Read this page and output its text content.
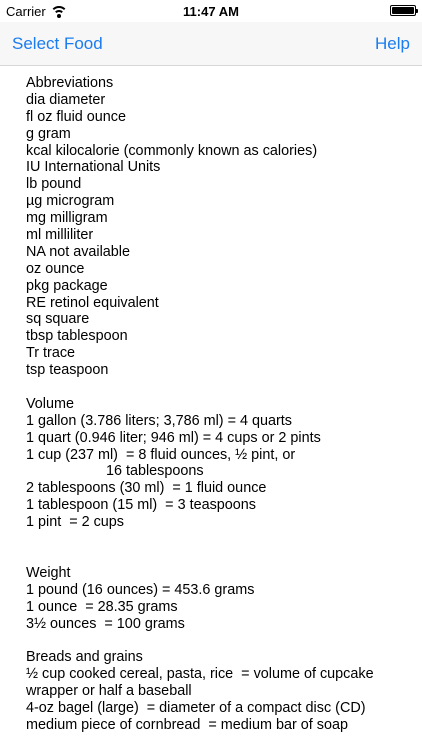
Carrier	11:47 AM
Select Food	Help
Abbreviations
dia diameter
fl oz fluid ounce
g gram
kcal kilocalorie (commonly known as calories)
IU International Units
lb pound
µg microgram
mg milligram
ml milliliter
NA not available
oz ounce
pkg package
RE retinol equivalent
sq square
tbsp tablespoon
Tr trace
tsp teaspoon
Volume
1 gallon (3.786 liters; 3,786 ml) = 4 quarts
1 quart (0.946 liter; 946 ml) = 4 cups or 2 pints
1 cup (237 ml)  = 8 fluid ounces, ½ pint, or
16 tablespoons
2 tablespoons (30 ml)  = 1 fluid ounce
1 tablespoon (15 ml)  = 3 teaspoons
1 pint  = 2 cups
Weight
1 pound (16 ounces) = 453.6 grams
1 ounce  = 28.35 grams
3½ ounces  = 100 grams
Breads and grains
½ cup cooked cereal, pasta, rice  = volume of cupcake
wrapper or half a baseball
4-oz bagel (large)  = diameter of a compact disc (CD)
medium piece of cornbread  = medium bar of soap
